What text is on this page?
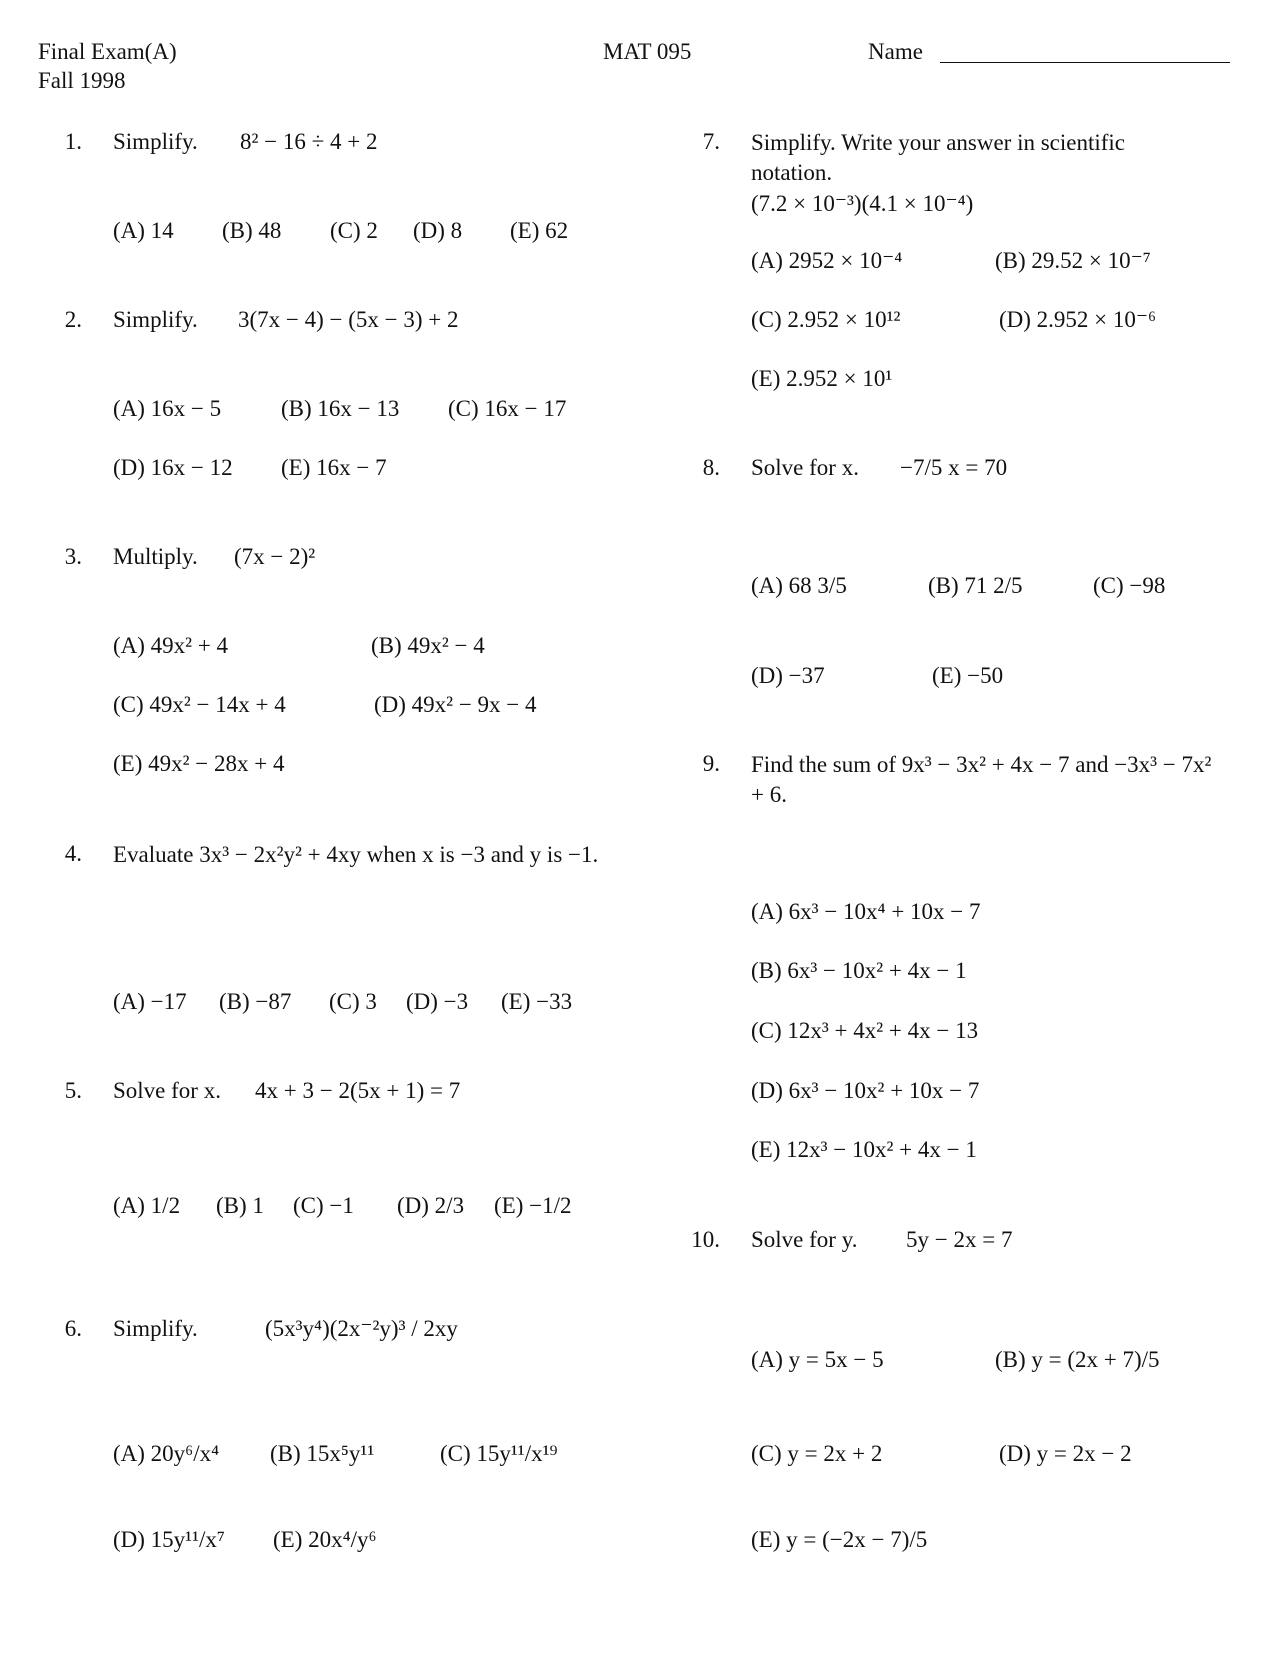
Final Exam(A)
Fall 1998
MAT 095	Name
1. Simplify. 8² − 16 ÷ 4 + 2
(A) 14 (B) 48 (C) 2 (D) 8 (E) 62
2. Simplify. 3(7x − 4) − (5x − 3) + 2
(A) 16x − 5	(B) 16x − 13 (C) 16x − 17
(D) 16x − 12 (E) 16x − 7
3. Multiply. (7x − 2)²
(A) 49x² + 4	(B) 49x² − 4
(C) 49x² − 14x + 4	(D) 49x² − 9x − 4
(E) 49x² − 28x + 4
4. Evaluate 3x³ − 2x²y² + 4xy when x is −3 and y is −1.
(A) −17 (B) −87 (C) 3 (D) −3 (E) −33
5. Solve for x. 4x + 3 − 2(5x + 1) = 7
(A) 1/2 (B) 1 (C) −1 (D) 2/3 (E) −1/2
6. Simplify.	(5x³y⁴)(2x⁻²y)³ / 2xy
(A) 20y⁶/x⁴ (B) 15x⁵y¹¹	(C) 15y¹¹/x¹⁹
(D) 15y¹¹/x⁷ (E) 20x⁴/y⁶
7. Simplify. Write your answer in scientific notation.
(7.2 × 10⁻³)(4.1 × 10⁻⁴)
(A) 2952 × 10⁻⁴	(B) 29.52 × 10⁻⁷
(C) 2.952 × 10¹²	(D) 2.952 × 10⁻⁶
(E) 2.952 × 10¹
8. Solve for x. −7/5 x = 70
(A) 68 3/5	(B) 71 2/5	(C) −98
(D) −37	(E) −50
9. Find the sum of 9x³ − 3x² + 4x − 7 and −3x³ − 7x² + 6.
(A) 6x³ − 10x⁴ + 10x − 7
(B) 6x³ − 10x² + 4x − 1
(C) 12x³ + 4x² + 4x − 13
(D) 6x³ − 10x² + 10x − 7
(E) 12x³ − 10x² + 4x − 1
10. Solve for y. 5y − 2x = 7
(A) y = 5x − 5	(B) y = (2x + 7)/5
(C) y = 2x + 2	(D) y = 2x − 2
(E) y = (−2x − 7)/5
